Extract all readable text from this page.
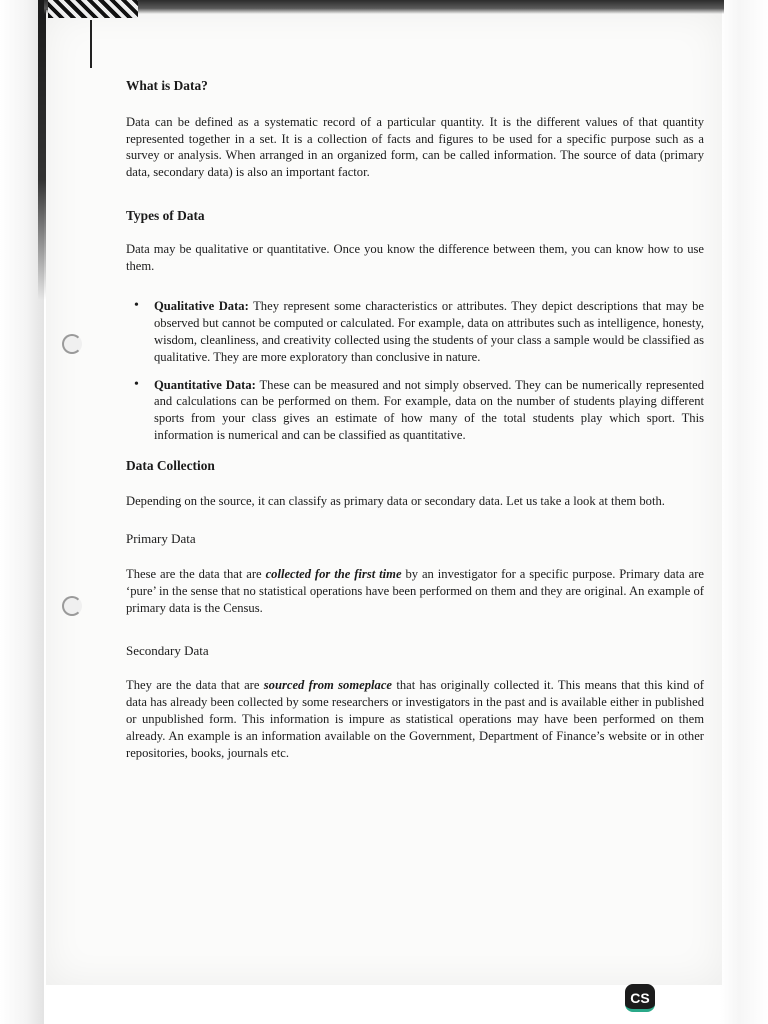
What is Data?

Data can be defined as a systematic record of a particular quantity. It is the different values of that quantity represented together in a set. It is a collection of facts and figures to be used for a specific purpose such as a survey or analysis. When arranged in an organized form, can be called information. The source of data (primary data, secondary data) is also an important factor.

Types of Data

Data may be qualitative or quantitative. Once you know the difference between them, you can know how to use them.

• Qualitative Data: They represent some characteristics or attributes. They depict descriptions that may be observed but cannot be computed or calculated. For example, data on attributes such as intelligence, honesty, wisdom, cleanliness, and creativity collected using the students of your class a sample would be classified as qualitative. They are more exploratory than conclusive in nature.
• Quantitative Data: These can be measured and not simply observed. They can be numerically represented and calculations can be performed on them. For example, data on the number of students playing different sports from your class gives an estimate of how many of the total students play which sport. This information is numerical and can be classified as quantitative.
Data Collection

Depending on the source, it can classify as primary data or secondary data. Let us take a look at them both.

Primary Data

These are the data that are collected for the first time by an investigator for a specific purpose. Primary data are ‘pure’ in the sense that no statistical operations have been performed on them and they are original. An example of primary data is the Census.

Secondary Data

They are the data that are sourced from someplace that has originally collected it. This means that this kind of data has already been collected by some researchers or investigators in the past and is available either in published or unpublished form. This information is impure as statistical operations may have been performed on them already. An example is an information available on the Government, Department of Finance’s website or in other repositories, books, journals etc.

CS
